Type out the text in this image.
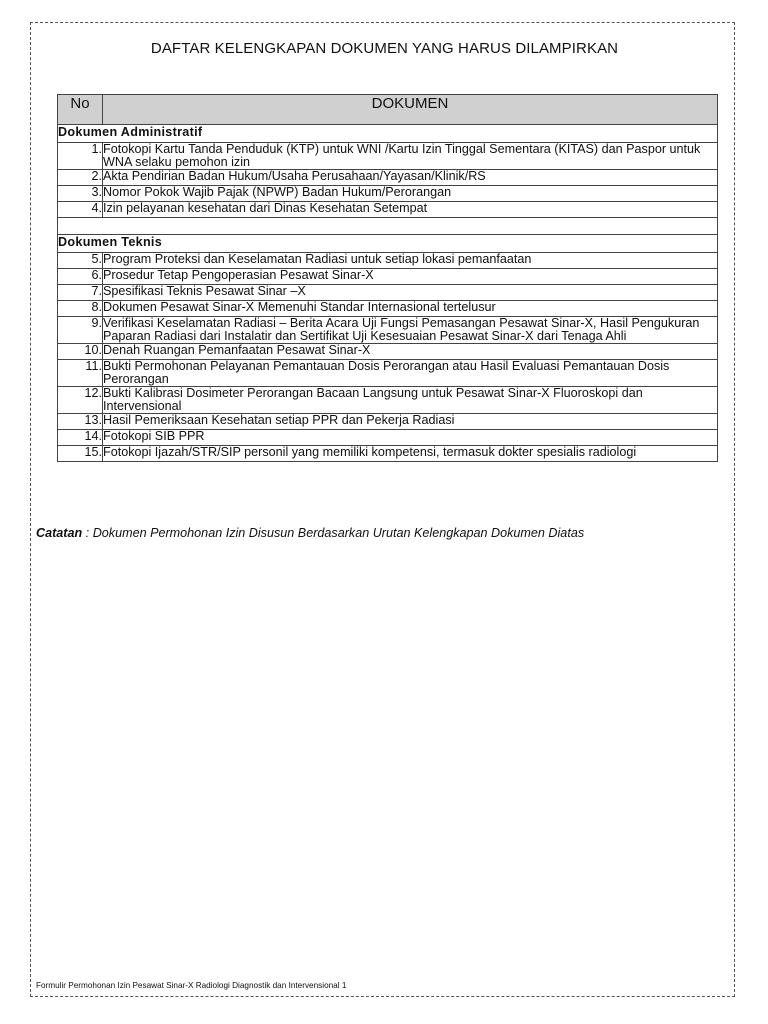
DAFTAR KELENGKAPAN DOKUMEN YANG HARUS DILAMPIRKAN
No	DOKUMEN
Dokumen Administratif	
1.	Fotokopi Kartu Tanda Penduduk (KTP) untuk WNI /Kartu Izin Tinggal Sementara (KITAS) dan Paspor untuk WNA selaku pemohon izin
2.	Akta Pendirian Badan Hukum/Usaha Perusahaan/Yayasan/Klinik/RS
3.	Nomor Pokok Wajib Pajak (NPWP) Badan Hukum/Perorangan
4.	Izin pelayanan kesehatan dari Dinas Kesehatan Setempat

Dokumen Teknis	
5.	Program Proteksi dan Keselamatan Radiasi untuk setiap lokasi pemanfaatan
6.	Prosedur Tetap Pengoperasian Pesawat Sinar-X
7.	Spesifikasi Teknis Pesawat Sinar –X
8.	Dokumen Pesawat Sinar-X Memenuhi Standar Internasional tertelusur
9.	Verifikasi Keselamatan Radiasi – Berita Acara Uji Fungsi Pemasangan Pesawat Sinar-X, Hasil Pengukuran Paparan Radiasi dari Instalatir dan Sertifikat Uji Kesesuaian Pesawat Sinar-X dari Tenaga Ahli
10.	Denah Ruangan Pemanfaatan Pesawat Sinar-X
11.	Bukti Permohonan Pelayanan Pemantauan Dosis Perorangan atau Hasil Evaluasi Pemantauan Dosis Perorangan
12.	Bukti Kalibrasi Dosimeter Perorangan Bacaan Langsung untuk Pesawat Sinar-X Fluoroskopi dan Intervensional
13.	Hasil Pemeriksaan Kesehatan setiap PPR dan Pekerja Radiasi
14.	Fotokopi SIB PPR
15.	Fotokopi Ijazah/STR/SIP personil yang memiliki kompetensi, termasuk dokter spesialis radiologi
Catatan : Dokumen Permohonan Izin Disusun Berdasarkan Urutan Kelengkapan Dokumen Diatas
Formulir Permohonan Izin Pesawat Sinar-X Radiologi Diagnostik dan Intervensional 1
